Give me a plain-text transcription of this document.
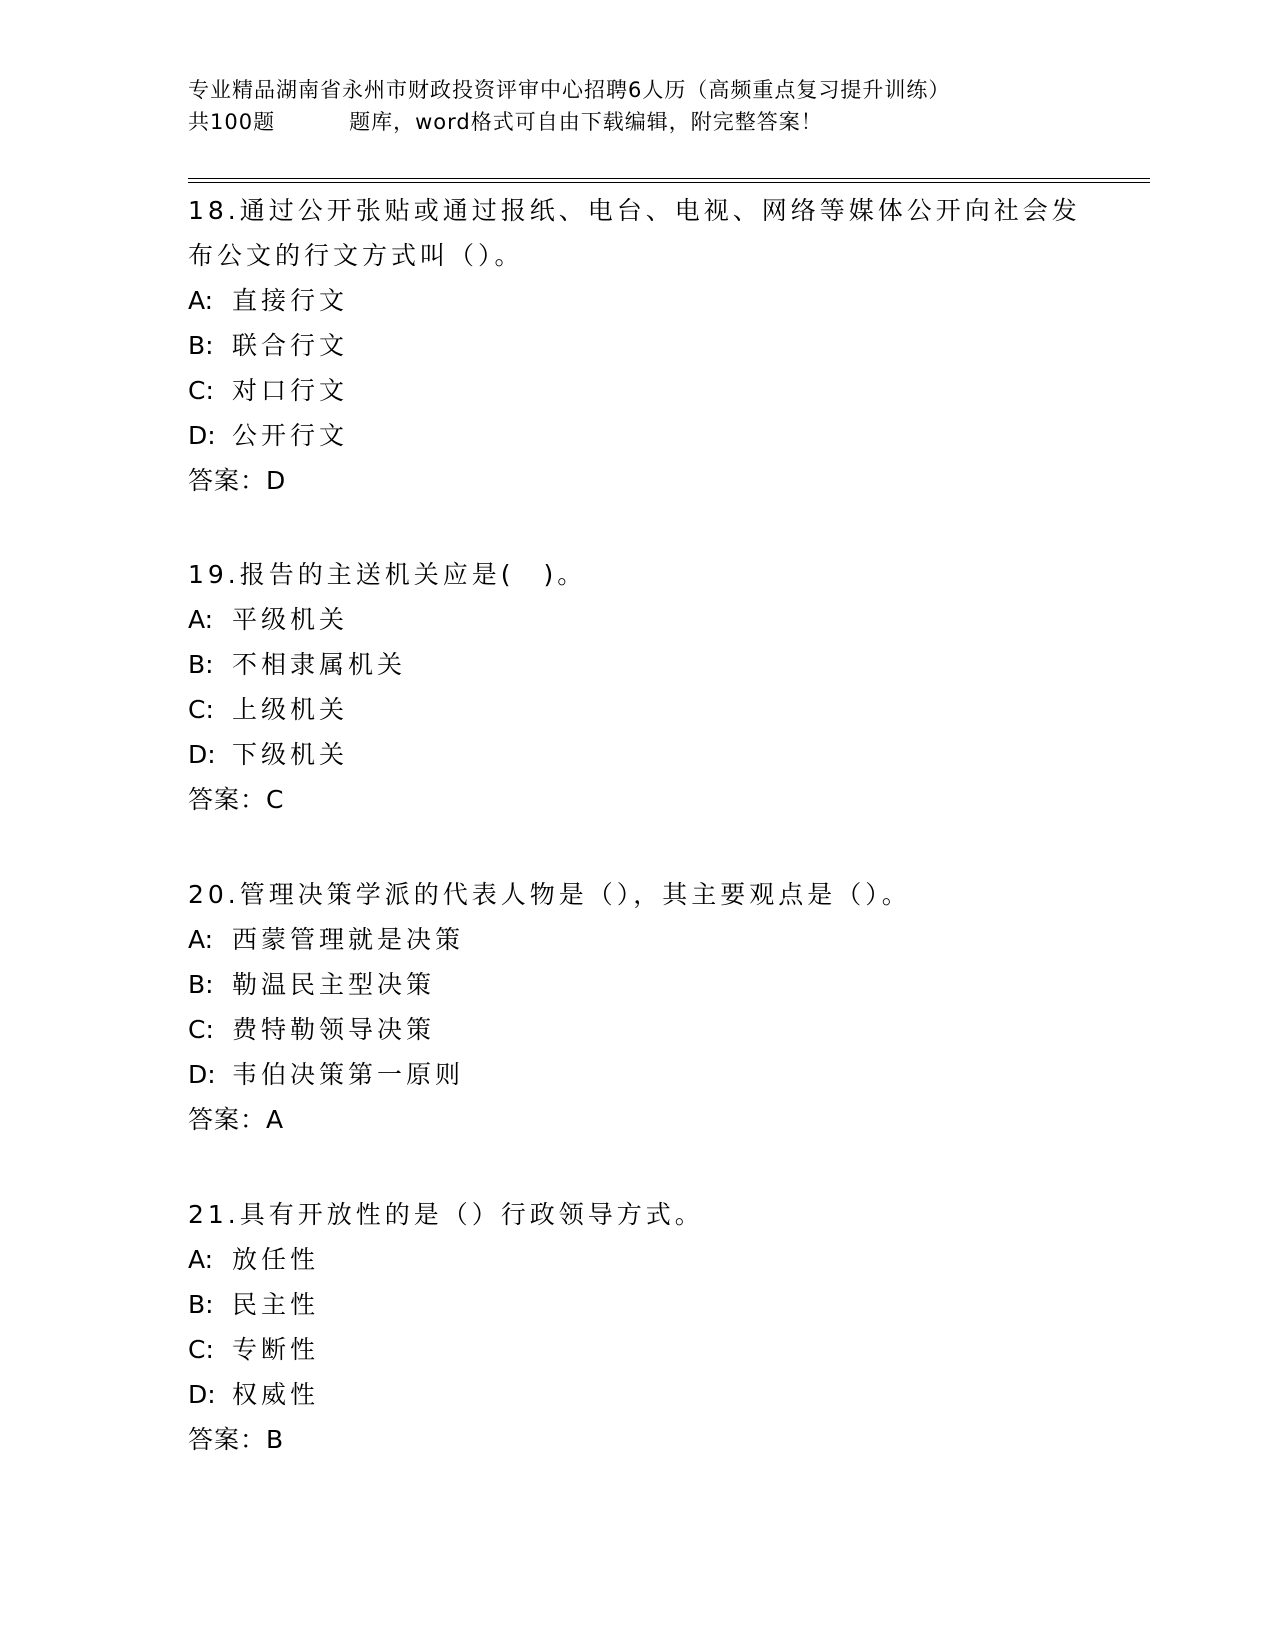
专业精品湖南省永州市财政投资评审中心招聘6人历（高频重点复习提升训练）
共100题	题库，word格式可自由下载编辑，附完整答案！
18.通过公开张贴或通过报纸、电台、电视、网络等媒体公开向社会发
布公文的行文方式叫（）。
A: 直接行文
B: 联合行文
C: 对口行文
D: 公开行文
答案：D
19.报告的主送机关应是(　)。
A: 平级机关
B: 不相隶属机关
C: 上级机关
D: 下级机关
答案：C
20.管理决策学派的代表人物是（），其主要观点是（）。
A: 西蒙管理就是决策
B: 勒温民主型决策
C: 费特勒领导决策
D: 韦伯决策第一原则
答案：A
21.具有开放性的是（）行政领导方式。
A: 放任性
B: 民主性
C: 专断性
D: 权威性
答案：B
